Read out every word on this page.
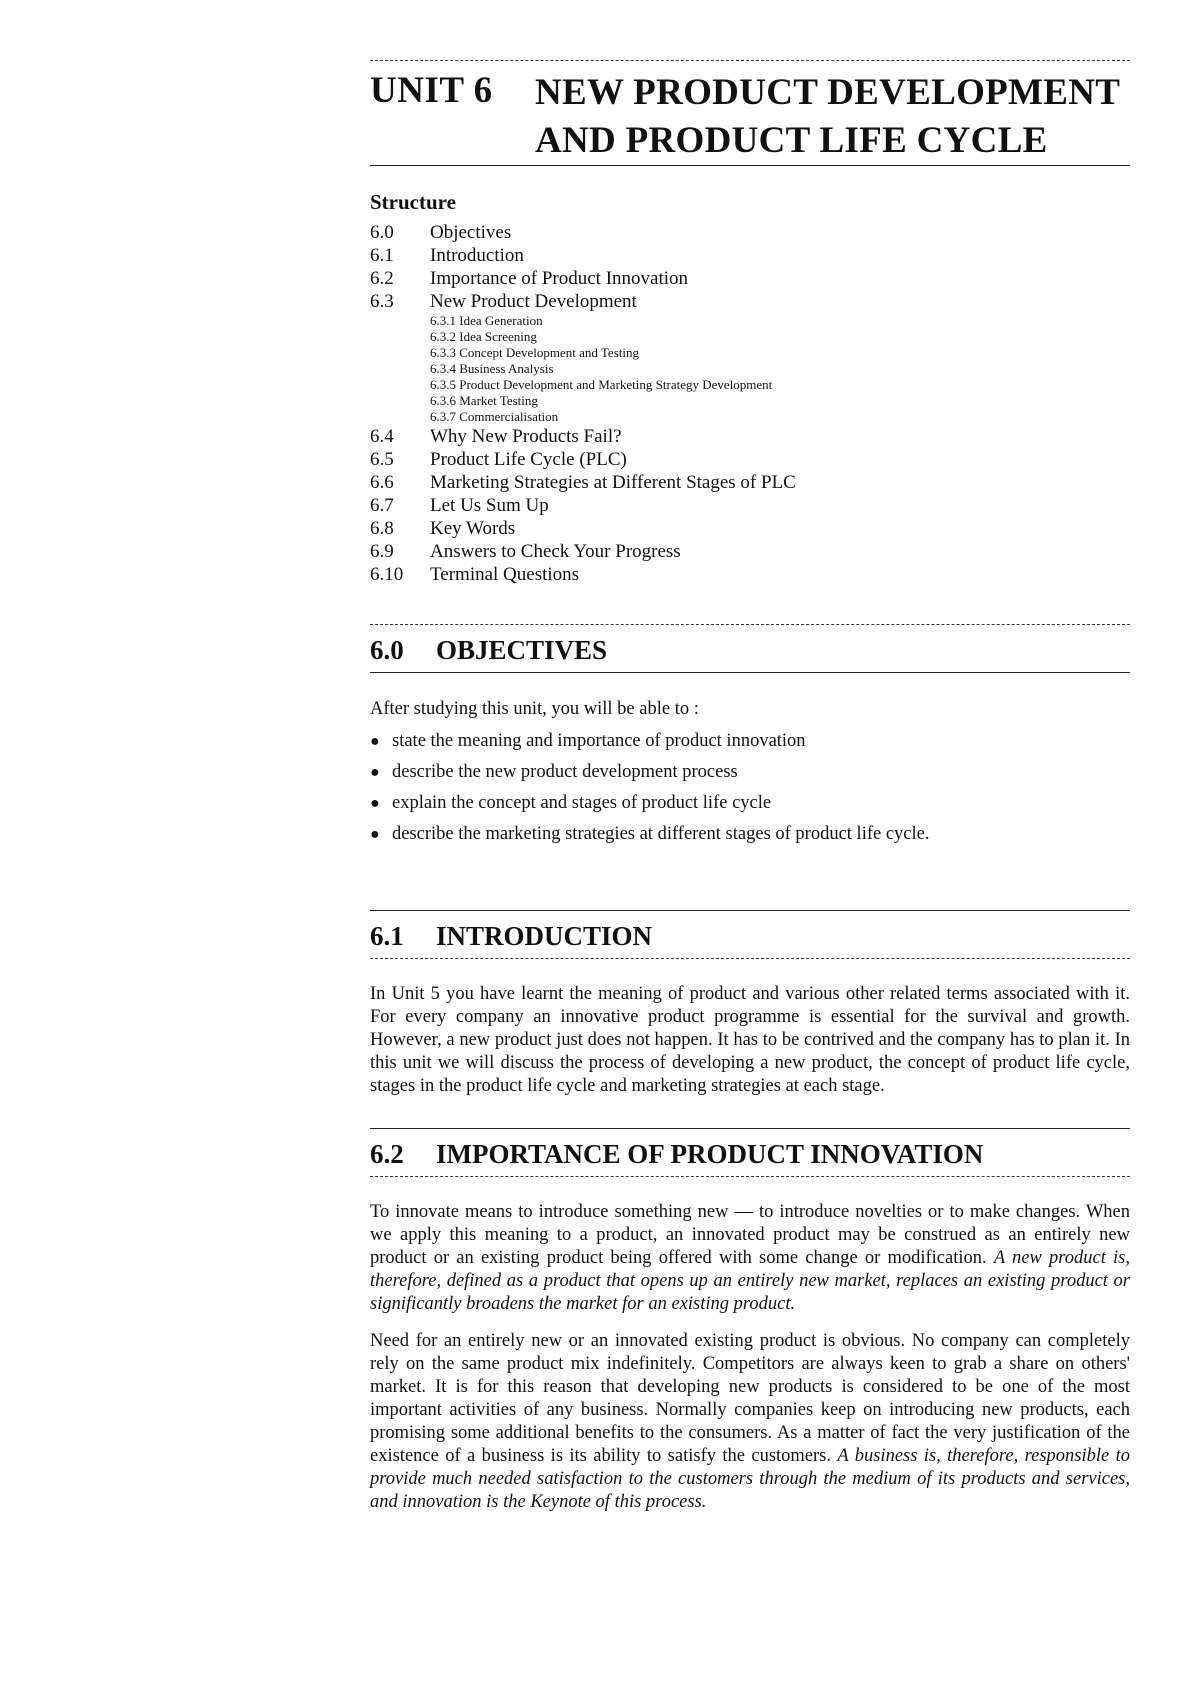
UNIT 6 NEW PRODUCT DEVELOPMENT
AND PRODUCT LIFE CYCLE
Structure
6.0	Objectives
6.1	Introduction
6.2	Importance of Product Innovation
6.3	New Product Development
6.3.1 Idea Generation
6.3.2 Idea Screening
6.3.3 Concept Development and Testing
6.3.4 Business Analysis
6.3.5 Product Development and Marketing Strategy Development
6.3.6 Market Testing
6.3.7 Commercialisation
6.4	Why New Products Fail?
6.5	Product Life Cycle (PLC)
6.6	Marketing Strategies at Different Stages of PLC
6.7	Let Us Sum Up
6.8	Key Words
6.9	Answers to Check Your Progress
6.10	Terminal Questions
6.0	OBJECTIVES
After studying this unit, you will be able to :
● state the meaning and importance of product innovation
● describe the new product development process
● explain the concept and stages of product life cycle
● describe the marketing strategies at different stages of product life cycle.
6.1	INTRODUCTION

In Unit 5 you have learnt the meaning of product and various other related terms associated with it. For every company an innovative product programme is essential for the survival and growth. However, a new product just does not happen. It has to be contrived and the company has to plan it. In this unit we will discuss the process of developing a new product, the concept of product life cycle, stages in the product life cycle and marketing strategies at each stage.

6.2	IMPORTANCE OF PRODUCT INNOVATION

To innovate means to introduce something new — to introduce novelties or to make changes. When we apply this meaning to a product, an innovated product may be construed as an entirely new product or an existing product being offered with some change or modification. A new product is, therefore, defined as a product that opens up an entirely new market, replaces an existing product or significantly broadens the market for an existing product.

Need for an entirely new or an innovated existing product is obvious. No company can completely rely on the same product mix indefinitely. Competitors are always keen to grab a share on others' market. It is for this reason that developing new products is considered to be one of the most important activities of any business. Normally companies keep on introducing new products, each promising some additional benefits to the consumers. As a matter of fact the very justification of the existence of a business is its ability to satisfy the customers. A business is, therefore, responsible to provide much needed satisfaction to the customers through the medium of its products and services, and innovation is the Keynote of this process.
